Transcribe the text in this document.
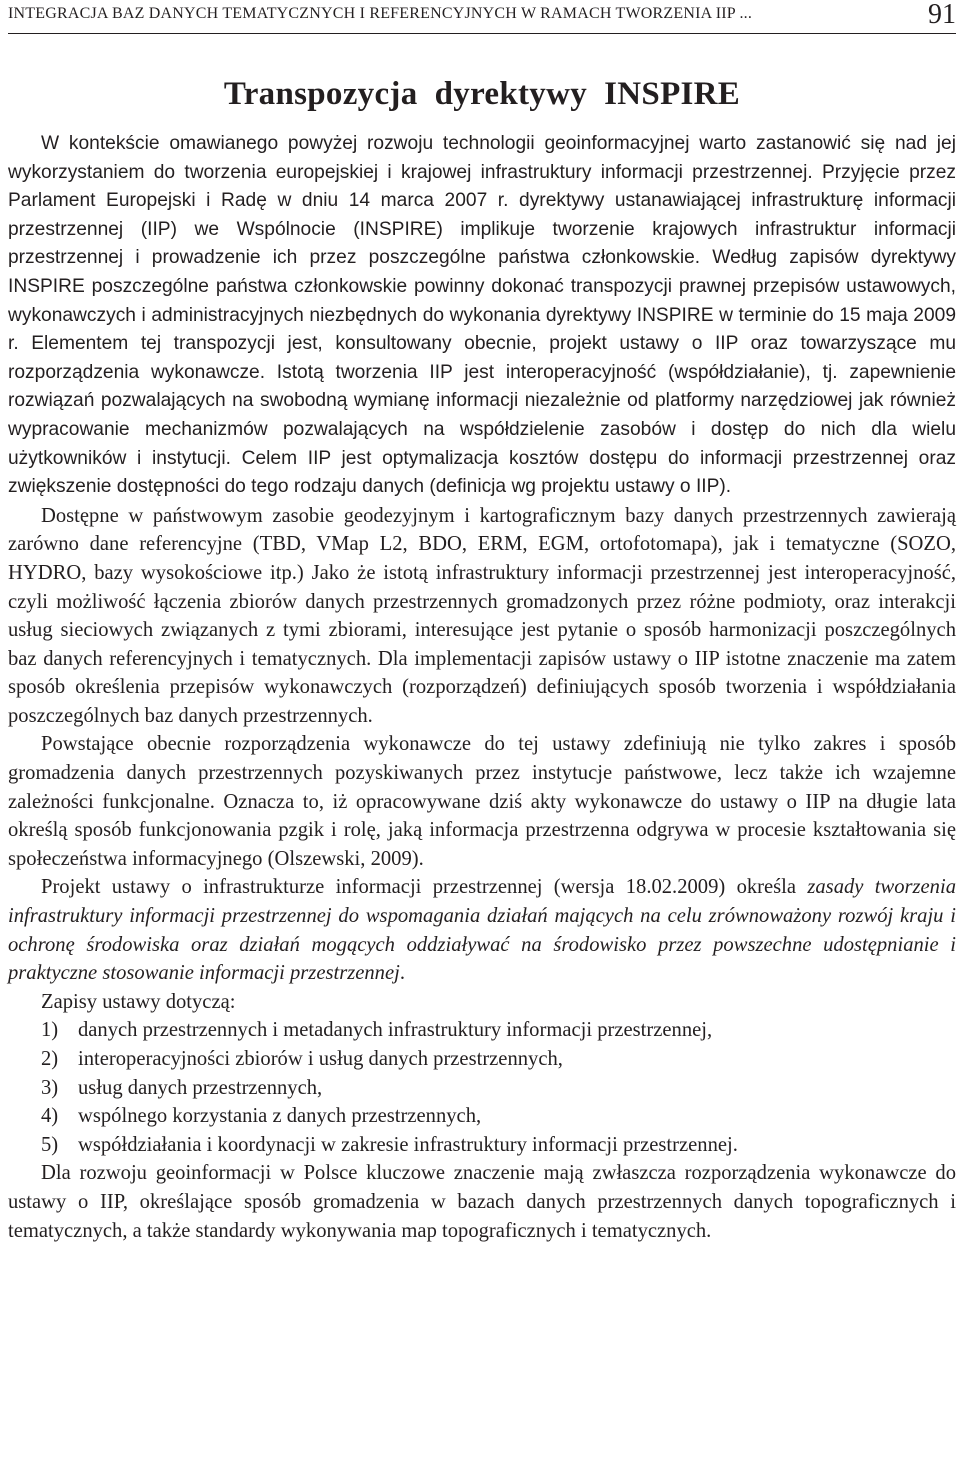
INTEGRACJA BAZ DANYCH TEMATYCZNYCH I REFERENCYJNYCH W RAMACH TWORZENIA IIP ...	91
Transpozycja  dyrektywy  INSPIRE

W kontekście omawianego powyżej rozwoju technologii geoinformacyjnej warto zastanowić się nad jej wykorzystaniem do tworzenia europejskiej i krajowej infrastruktury informacji przestrzennej. Przyjęcie przez Parlament Europejski i Radę w dniu 14 marca 2007 r. dyrektywy ustanawiającej infrastrukturę informacji przestrzennej (IIP) we Wspólnocie (INSPIRE) implikuje tworzenie krajowych infrastruktur informacji przestrzennej i prowadzenie ich przez poszczególne państwa członkowskie. Według zapisów dyrektywy INSPIRE poszczególne państwa członkowskie powinny dokonać transpozycji prawnej przepisów ustawowych, wykonawczych i administracyjnych niezbędnych do wykonania dyrektywy INSPIRE w terminie do 15 maja 2009 r. Elementem tej transpozycji jest, konsultowany obecnie, projekt ustawy o IIP oraz towarzyszące mu rozporządzenia wykonawcze. Istotą tworzenia IIP jest interoperacyjność (współdziałanie), tj. zapewnienie rozwiązań pozwalających na swobodną wymianę informacji niezależnie od platformy narzędziowej jak również wypracowanie mechanizmów pozwalających na współdzielenie zasobów i dostęp do nich dla wielu użytkowników i instytucji. Celem IIP jest optymalizacja kosztów dostępu do informacji przestrzennej oraz zwiększenie dostępności do tego rodzaju danych (definicja wg projektu ustawy o IIP).

Dostępne w państwowym zasobie geodezyjnym i kartograficznym bazy danych przestrzennych zawierają zarówno dane referencyjne (TBD, VMap L2, BDO, ERM, EGM, ortofotomapa), jak i tematyczne (SOZO, HYDRO, bazy wysokościowe itp.) Jako że istotą infrastruktury informacji przestrzennej jest interoperacyjność, czyli możliwość łączenia zbiorów danych przestrzennych gromadzonych przez różne podmioty, oraz interakcji usług sieciowych związanych z tymi zbiorami, interesujące jest pytanie o sposób harmonizacji poszczególnych baz danych referencyjnych i tematycznych. Dla implementacji zapisów ustawy o IIP istotne znaczenie ma zatem sposób określenia przepisów wykonawczych (rozporządzeń) definiujących sposób tworzenia i współdziałania poszczególnych baz danych przestrzennych.

Powstające obecnie rozporządzenia wykonawcze do tej ustawy zdefiniują nie tylko zakres i sposób gromadzenia danych przestrzennych pozyskiwanych przez instytucje państwowe, lecz także ich wzajemne zależności funkcjonalne. Oznacza to, iż opracowywane dziś akty wykonawcze do ustawy o IIP na długie lata określą sposób funkcjonowania pzgik i rolę, jaką informacja przestrzenna odgrywa w procesie kształtowania się społeczeństwa informacyjnego (Olszewski, 2009).

Projekt ustawy o infrastrukturze informacji przestrzennej (wersja 18.02.2009) określa zasady tworzenia infrastruktury informacji przestrzennej do wspomagania działań mających na celu zrównoważony rozwój kraju i ochronę środowiska oraz działań mogących oddziaływać na środowisko przez powszechne udostępnianie i praktyczne stosowanie informacji przestrzennej.

Zapisy ustawy dotyczą:

1) danych przestrzennych i metadanych infrastruktury informacji przestrzennej,
2) interoperacyjności zbiorów i usług danych przestrzennych,
3) usług danych przestrzennych,
4) wspólnego korzystania z danych przestrzennych,
5) współdziałania i koordynacji w zakresie infrastruktury informacji przestrzennej.

Dla rozwoju geoinformacji w Polsce kluczowe znaczenie mają zwłaszcza rozporządzenia wykonawcze do ustawy o IIP, określające sposób gromadzenia w bazach danych przestrzennych danych topograficznych i tematycznych, a także standardy wykonywania map topograficznych i tematycznych.
